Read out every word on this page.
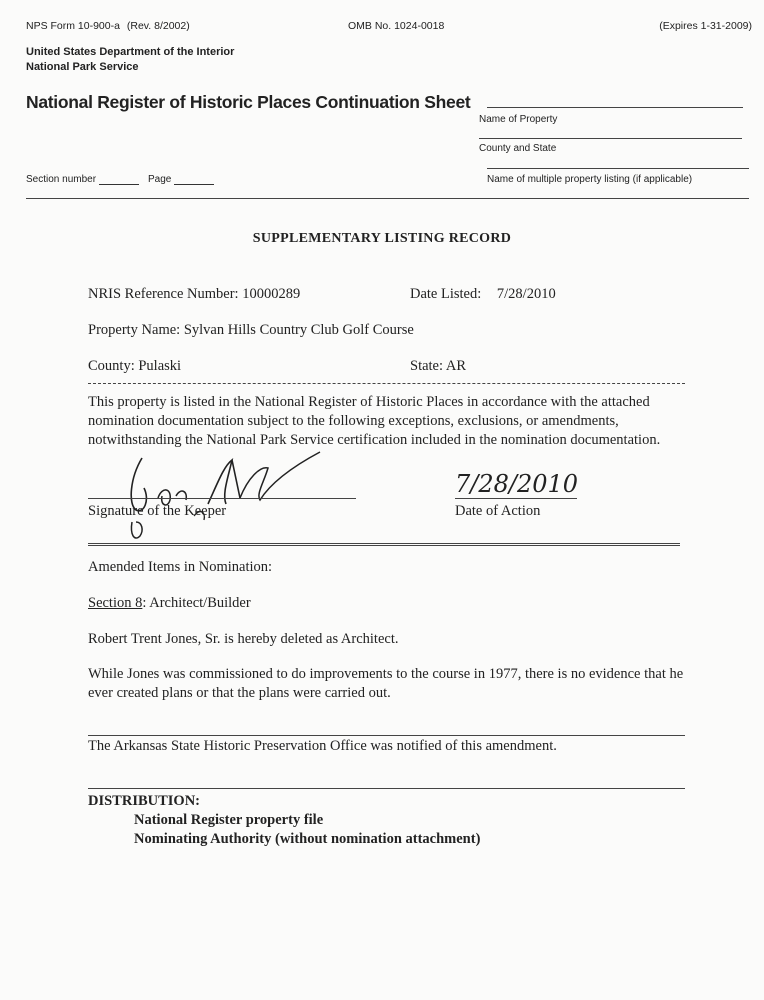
NPS Form 10-900-a (Rev. 8/2002)	OMB No. 1024-0018	(Expires 1-31-2009)
United States Department of the Interior
National Park Service
National Register of Historic Places Continuation Sheet
Name of Property
County and State
Name of multiple property listing (if applicable)
Section number	Page
SUPPLEMENTARY LISTING RECORD
NRIS Reference Number: 10000289	Date Listed: 7/28/2010
Property Name: Sylvan Hills Country Club Golf Course
County: Pulaski	State: AR
This property is listed in the National Register of Historic Places in accordance with the attached nomination documentation subject to the following exceptions, exclusions, or amendments, notwithstanding the National Park Service certification included in the nomination documentation.
Signature of the Keeper
7/28/2010
Date of Action
Amended Items in Nomination:
Section 8: Architect/Builder
Robert Trent Jones, Sr. is hereby deleted as Architect.
While Jones was commissioned to do improvements to the course in 1977, there is no evidence that he ever created plans or that the plans were carried out.
The Arkansas State Historic Preservation Office was notified of this amendment.
DISTRIBUTION:
National Register property file
Nominating Authority (without nomination attachment)
